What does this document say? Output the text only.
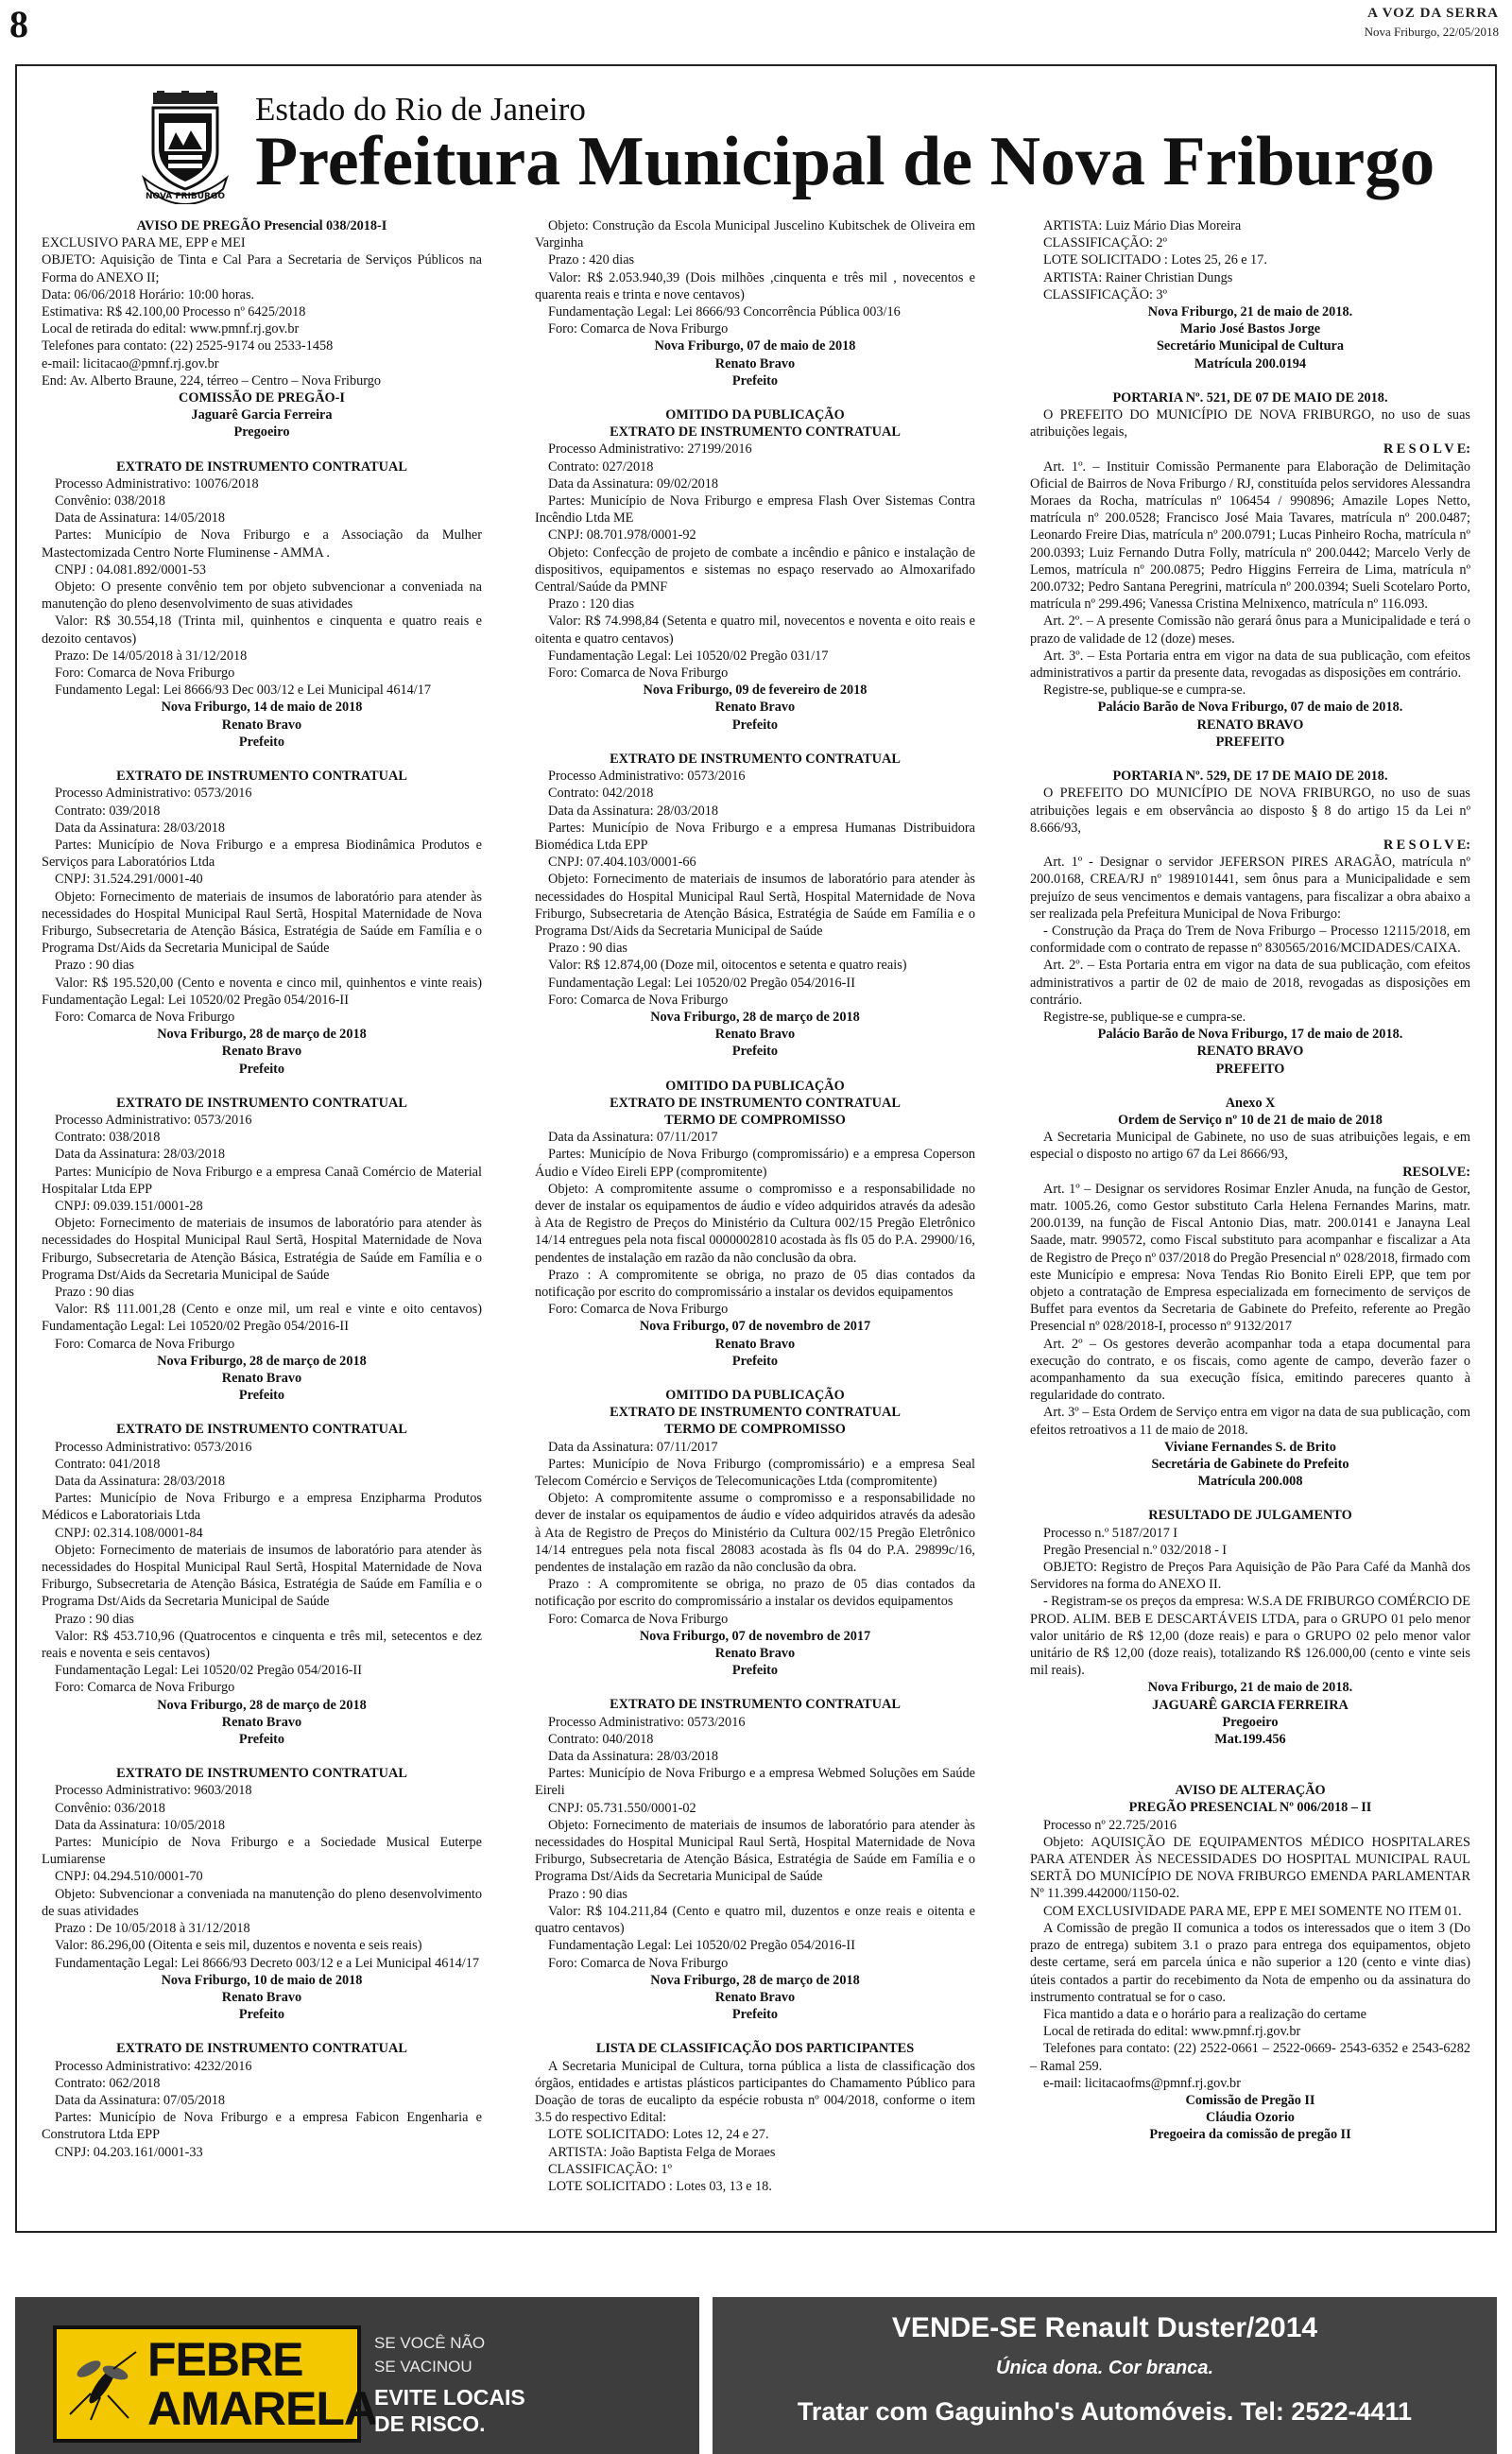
8	A VOZ DA SERRA
Nova Friburgo, 22/05/2018
NOVA FRIBURGO
Estado do Rio de Janeiro
Prefeitura Municipal de Nova Friburgo

AVISO DE PREGÃO Presencial 038/2018-I

EXCLUSIVO PARA ME, EPP e MEI

OBJETO: Aquisição de Tinta e Cal Para a Secretaria de Serviços Públicos na Forma do ANEXO II;

Data: 06/06/2018 Horário: 10:00 horas.

Estimativa: R$ 42.100,00 Processo nº 6425/2018

Local de retirada do edital: www.pmnf.rj.gov.br

Telefones para contato: (22) 2525-9174 ou 2533-1458

e-mail: licitacao@pmnf.rj.gov.br

End: Av. Alberto Braune, 224, térreo – Centro – Nova Friburgo

COMISSÃO DE PREGÃO-I

Jaguarê Garcia Ferreira

Pregoeiro

EXTRATO DE INSTRUMENTO CONTRATUAL

Processo Administrativo: 10076/2018

Convênio: 038/2018

Data de Assinatura: 14/05/2018

Partes: Município de Nova Friburgo e a Associação da Mulher Mastectomizada Centro Norte Fluminense - AMMA .

CNPJ : 04.081.892/0001-53

Objeto: O presente convênio tem por objeto subvencionar a conveniada na manutenção do pleno desenvolvimento de suas atividades

Valor: R$ 30.554,18 (Trinta mil, quinhentos e cinquenta e quatro reais e dezoito centavos)

Prazo: De 14/05/2018 à 31/12/2018

Foro: Comarca de Nova Friburgo

Fundamento Legal: Lei 8666/93 Dec 003/12 e Lei Municipal 4614/17

Nova Friburgo, 14 de maio de 2018

Renato Bravo

Prefeito

EXTRATO DE INSTRUMENTO CONTRATUAL

Processo Administrativo: 0573/2016

Contrato: 039/2018

Data da Assinatura: 28/03/2018

Partes: Município de Nova Friburgo e a empresa Biodinâmica Produtos e Serviços para Laboratórios Ltda

CNPJ: 31.524.291/0001-40

Objeto: Fornecimento de materiais de insumos de laboratório para atender às necessidades do Hospital Municipal Raul Sertã, Hospital Maternidade de Nova Friburgo, Subsecretaria de Atenção Básica, Estratégia de Saúde em Família e o Programa Dst/Aids da Secretaria Municipal de Saúde

Prazo : 90 dias

Valor: R$ 195.520,00 (Cento e noventa e cinco mil, quinhentos e vinte reais) Fundamentação Legal: Lei 10520/02 Pregão 054/2016-II

Foro: Comarca de Nova Friburgo

Nova Friburgo, 28 de março de 2018

Renato Bravo

Prefeito

EXTRATO DE INSTRUMENTO CONTRATUAL

Processo Administrativo: 0573/2016

Contrato: 038/2018

Data da Assinatura: 28/03/2018

Partes: Município de Nova Friburgo e a empresa Canaã Comércio de Material Hospitalar Ltda EPP

CNPJ: 09.039.151/0001-28

Objeto: Fornecimento de materiais de insumos de laboratório para atender às necessidades do Hospital Municipal Raul Sertã, Hospital Maternidade de Nova Friburgo, Subsecretaria de Atenção Básica, Estratégia de Saúde em Família e o Programa Dst/Aids da Secretaria Municipal de Saúde

Prazo : 90 dias

Valor: R$ 111.001,28 (Cento e onze mil, um real e vinte e oito centavos) Fundamentação Legal: Lei 10520/02 Pregão 054/2016-II

Foro: Comarca de Nova Friburgo

Nova Friburgo, 28 de março de 2018

Renato Bravo

Prefeito

EXTRATO DE INSTRUMENTO CONTRATUAL

Processo Administrativo: 0573/2016

Contrato: 041/2018

Data da Assinatura: 28/03/2018

Partes: Município de Nova Friburgo e a empresa Enzipharma Produtos Médicos e Laboratoriais Ltda

CNPJ: 02.314.108/0001-84

Objeto: Fornecimento de materiais de insumos de laboratório para atender às necessidades do Hospital Municipal Raul Sertã, Hospital Maternidade de Nova Friburgo, Subsecretaria de Atenção Básica, Estratégia de Saúde em Família e o Programa Dst/Aids da Secretaria Municipal de Saúde

Prazo : 90 dias

Valor: R$ 453.710,96 (Quatrocentos e cinquenta e três mil, setecentos e dez reais e noventa e seis centavos)

Fundamentação Legal: Lei 10520/02 Pregão 054/2016-II

Foro: Comarca de Nova Friburgo

Nova Friburgo, 28 de março de 2018

Renato Bravo

Prefeito

EXTRATO DE INSTRUMENTO CONTRATUAL

Processo Administrativo: 9603/2018

Convênio: 036/2018

Data da Assinatura: 10/05/2018

Partes: Município de Nova Friburgo e a Sociedade Musical Euterpe Lumiarense

CNPJ: 04.294.510/0001-70

Objeto: Subvencionar a conveniada na manutenção do pleno desenvolvimento de suas atividades

Prazo : De 10/05/2018 à 31/12/2018

Valor: 86.296,00 (Oitenta e seis mil, duzentos e noventa e seis reais)

Fundamentação Legal: Lei 8666/93 Decreto 003/12 e a Lei Municipal 4614/17

Nova Friburgo, 10 de maio de 2018

Renato Bravo

Prefeito

EXTRATO DE INSTRUMENTO CONTRATUAL

Processo Administrativo: 4232/2016

Contrato: 062/2018

Data da Assinatura: 07/05/2018

Partes: Município de Nova Friburgo e a empresa Fabicon Engenharia e Construtora Ltda EPP

CNPJ: 04.203.161/0001-33

Objeto: Construção da Escola Municipal Juscelino Kubitschek de Oliveira em Varginha

Prazo : 420 dias

Valor: R$ 2.053.940,39 (Dois milhões ,cinquenta e três mil , novecentos e quarenta reais e trinta e nove centavos)

Fundamentação Legal: Lei 8666/93 Concorrência Pública 003/16

Foro: Comarca de Nova Friburgo

Nova Friburgo, 07 de maio de 2018

Renato Bravo

Prefeito

OMITIDO DA PUBLICAÇÃO

EXTRATO DE INSTRUMENTO CONTRATUAL

Processo Administrativo: 27199/2016

Contrato: 027/2018

Data da Assinatura: 09/02/2018

Partes: Município de Nova Friburgo e empresa Flash Over Sistemas Contra Incêndio Ltda ME

CNPJ: 08.701.978/0001-92

Objeto: Confecção de projeto de combate a incêndio e pânico e instalação de dispositivos, equipamentos e sistemas no espaço reservado ao Almoxarifado Central/Saúde da PMNF

Prazo : 120 dias

Valor: R$ 74.998,84 (Setenta e quatro mil, novecentos e noventa e oito reais e oitenta e quatro centavos)

Fundamentação Legal: Lei 10520/02 Pregão 031/17

Foro: Comarca de Nova Friburgo

Nova Friburgo, 09 de fevereiro de 2018

Renato Bravo

Prefeito

EXTRATO DE INSTRUMENTO CONTRATUAL

Processo Administrativo: 0573/2016

Contrato: 042/2018

Data da Assinatura: 28/03/2018

Partes: Município de Nova Friburgo e a empresa Humanas Distribuidora Biomédica Ltda EPP

CNPJ: 07.404.103/0001-66

Objeto: Fornecimento de materiais de insumos de laboratório para atender às necessidades do Hospital Municipal Raul Sertã, Hospital Maternidade de Nova Friburgo, Subsecretaria de Atenção Básica, Estratégia de Saúde em Família e o Programa Dst/Aids da Secretaria Municipal de Saúde

Prazo : 90 dias

Valor: R$ 12.874,00 (Doze mil, oitocentos e setenta e quatro reais)

Fundamentação Legal: Lei 10520/02 Pregão 054/2016-II

Foro: Comarca de Nova Friburgo

Nova Friburgo, 28 de março de 2018

Renato Bravo

Prefeito

OMITIDO DA PUBLICAÇÃO

EXTRATO DE INSTRUMENTO CONTRATUAL

TERMO DE COMPROMISSO

Data da Assinatura: 07/11/2017

Partes: Município de Nova Friburgo (compromissário) e a empresa Coperson Áudio e Vídeo Eireli EPP (compromitente)

Objeto: A compromitente assume o compromisso e a responsabilidade no dever de instalar os equipamentos de áudio e vídeo adquiridos através da adesão à Ata de Registro de Preços do Ministério da Cultura 002/15 Pregão Eletrônico 14/14 entregues pela nota fiscal 0000002810 acostada às fls 05 do P.A. 29900/16, pendentes de instalação em razão da não conclusão da obra.

Prazo : A compromitente se obriga, no prazo de 05 dias contados da notificação por escrito do compromissário a instalar os devidos equipamentos

Foro: Comarca de Nova Friburgo

Nova Friburgo, 07 de novembro de 2017

Renato Bravo

Prefeito

OMITIDO DA PUBLICAÇÃO

EXTRATO DE INSTRUMENTO CONTRATUAL

TERMO DE COMPROMISSO

Data da Assinatura: 07/11/2017

Partes: Município de Nova Friburgo (compromissário) e a empresa Seal Telecom Comércio e Serviços de Telecomunicações Ltda (compromitente)

Objeto: A compromitente assume o compromisso e a responsabilidade no dever de instalar os equipamentos de áudio e vídeo adquiridos através da adesão à Ata de Registro de Preços do Ministério da Cultura 002/15 Pregão Eletrônico 14/14 entregues pela nota fiscal 28083 acostada às fls 04 do P.A. 29899c/16, pendentes de instalação em razão da não conclusão da obra.

Prazo : A compromitente se obriga, no prazo de 05 dias contados da notificação por escrito do compromissário a instalar os devidos equipamentos

Foro: Comarca de Nova Friburgo

Nova Friburgo, 07 de novembro de 2017

Renato Bravo

Prefeito

EXTRATO DE INSTRUMENTO CONTRATUAL

Processo Administrativo: 0573/2016

Contrato: 040/2018

Data da Assinatura: 28/03/2018

Partes: Município de Nova Friburgo e a empresa Webmed Soluções em Saúde Eireli

CNPJ: 05.731.550/0001-02

Objeto: Fornecimento de materiais de insumos de laboratório para atender às necessidades do Hospital Municipal Raul Sertã, Hospital Maternidade de Nova Friburgo, Subsecretaria de Atenção Básica, Estratégia de Saúde em Família e o Programa Dst/Aids da Secretaria Municipal de Saúde

Prazo : 90 dias

Valor: R$ 104.211,84 (Cento e quatro mil, duzentos e onze reais e oitenta e quatro centavos)

Fundamentação Legal: Lei 10520/02 Pregão 054/2016-II

Foro: Comarca de Nova Friburgo

Nova Friburgo, 28 de março de 2018

Renato Bravo

Prefeito

LISTA DE CLASSIFICAÇÃO DOS PARTICIPANTES

A Secretaria Municipal de Cultura, torna pública a lista de classificação dos órgãos, entidades e artistas plásticos participantes do Chamamento Público para Doação de toras de eucalipto da espécie robusta nº 004/2018, conforme o item 3.5 do respectivo Edital:

LOTE SOLICITADO: Lotes 12, 24 e 27.

ARTISTA: João Baptista Felga de Moraes

CLASSIFICAÇÃO: 1º

LOTE SOLICITADO : Lotes 03, 13 e 18.

ARTISTA: Luiz Mário Dias Moreira

CLASSIFICAÇÃO: 2º

LOTE SOLICITADO : Lotes 25, 26 e 17.

ARTISTA: Rainer Christian Dungs

CLASSIFICAÇÃO: 3º

Nova Friburgo, 21 de maio de 2018.

Mario José Bastos Jorge

Secretário Municipal de Cultura

Matrícula 200.0194

PORTARIA Nº. 521, DE 07 DE MAIO DE 2018.

O PREFEITO DO MUNICÍPIO DE NOVA FRIBURGO, no uso de suas atribuições legais,

R E S O L V E:

Art. 1º. – Instituir Comissão Permanente para Elaboração de Delimitação Oficial de Bairros de Nova Friburgo / RJ, constituída pelos servidores Alessandra Moraes da Rocha, matrículas nº 106454 / 990896; Amazile Lopes Netto, matrícula nº 200.0528; Francisco José Maia Tavares, matrícula nº 200.0487; Leonardo Freire Dias, matrícula nº 200.0791; Lucas Pinheiro Rocha, matrícula nº 200.0393; Luiz Fernando Dutra Folly, matrícula nº 200.0442; Marcelo Verly de Lemos, matrícula nº 200.0875; Pedro Higgins Ferreira de Lima, matrícula nº 200.0732; Pedro Santana Peregrini, matrícula nº 200.0394; Sueli Scotelaro Porto, matrícula nº 299.496; Vanessa Cristina Melnixenco, matrícula nº 116.093.

Art. 2º. – A presente Comissão não gerará ônus para a Municipalidade e terá o prazo de validade de 12 (doze) meses.

Art. 3º. – Esta Portaria entra em vigor na data de sua publicação, com efeitos administrativos a partir da presente data, revogadas as disposições em contrário.

Registre-se, publique-se e cumpra-se.

Palácio Barão de Nova Friburgo, 07 de maio de 2018.

RENATO BRAVO

PREFEITO

PORTARIA Nº. 529, DE 17 DE MAIO DE 2018.

O PREFEITO DO MUNICÍPIO DE NOVA FRIBURGO, no uso de suas atribuições legais e em observância ao disposto § 8 do artigo 15 da Lei nº 8.666/93,

R E S O L V E:

Art. 1º - Designar o servidor JEFERSON PIRES ARAGÃO, matrícula nº 200.0168, CREA/RJ nº 1989101441, sem ônus para a Municipalidade e sem prejuízo de seus vencimentos e demais vantagens, para fiscalizar a obra abaixo a ser realizada pela Prefeitura Municipal de Nova Friburgo:

- Construção da Praça do Trem de Nova Friburgo – Processo 12115/2018, em conformidade com o contrato de repasse nº 830565/2016/MCIDADES/CAIXA.

Art. 2º. – Esta Portaria entra em vigor na data de sua publicação, com efeitos administrativos a partir de 02 de maio de 2018, revogadas as disposições em contrário.

Registre-se, publique-se e cumpra-se.

Palácio Barão de Nova Friburgo, 17 de maio de 2018.

RENATO BRAVO

PREFEITO

Anexo X

Ordem de Serviço nº 10 de 21 de maio de 2018

A Secretaria Municipal de Gabinete, no uso de suas atribuições legais, e em especial o disposto no artigo 67 da Lei 8666/93,

RESOLVE:

Art. 1º – Designar os servidores Rosimar Enzler Anuda, na função de Gestor, matr. 1005.26, como Gestor substituto Carla Helena Fernandes Marins, matr. 200.0139, na função de Fiscal Antonio Dias, matr. 200.0141 e Janayna Leal Saade, matr. 990572, como Fiscal substituto para acompanhar e fiscalizar a Ata de Registro de Preço nº 037/2018 do Pregão Presencial nº 028/2018, firmado com este Município e empresa: Nova Tendas Rio Bonito Eireli EPP, que tem por objeto a contratação de Empresa especializada em fornecimento de serviços de Buffet para eventos da Secretaria de Gabinete do Prefeito, referente ao Pregão Presencial nº 028/2018-I, processo nº 9132/2017

Art. 2º – Os gestores deverão acompanhar toda a etapa documental para execução do contrato, e os fiscais, como agente de campo, deverão fazer o acompanhamento da sua execução física, emitindo pareceres quanto à regularidade do contrato.

Art. 3º – Esta Ordem de Serviço entra em vigor na data de sua publicação, com efeitos retroativos a 11 de maio de 2018.

Viviane Fernandes S. de Brito

Secretária de Gabinete do Prefeito

Matrícula 200.008

RESULTADO DE JULGAMENTO

Processo n.º 5187/2017 I

Pregão Presencial n.º 032/2018 - I

OBJETO: Registro de Preços Para Aquisição de Pão Para Café da Manhã dos Servidores na forma do ANEXO II.

- Registram-se os preços da empresa: W.S.A DE FRIBURGO COMÉRCIO DE PROD. ALIM. BEB E DESCARTÁVEIS LTDA, para o GRUPO 01 pelo menor valor unitário de R$ 12,00 (doze reais) e para o GRUPO 02 pelo menor valor unitário de R$ 12,00 (doze reais), totalizando R$ 126.000,00 (cento e vinte seis mil reais).

Nova Friburgo, 21 de maio de 2018.

JAGUARÊ GARCIA FERREIRA

Pregoeiro

Mat.199.456

AVISO DE ALTERAÇÃO

PREGÃO PRESENCIAL Nº 006/2018 – II

Processo nº 22.725/2016

Objeto: AQUISIÇÃO DE EQUIPAMENTOS MÉDICO HOSPITALARES PARA ATENDER ÀS NECESSIDADES DO HOSPITAL MUNICIPAL RAUL SERTÃ DO MUNICÍPIO DE NOVA FRIBURGO EMENDA PARLAMENTAR Nº 11.399.442000/1150-02.

COM EXCLUSIVIDADE PARA ME, EPP E MEI SOMENTE NO ITEM 01.

A Comissão de pregão II comunica a todos os interessados que o item 3 (Do prazo de entrega) subitem 3.1 o prazo para entrega dos equipamentos, objeto deste certame, será em parcela única e não superior a 120 (cento e vinte dias) úteis contados a partir do recebimento da Nota de empenho ou da assinatura do instrumento contratual se for o caso.

Fica mantido a data e o horário para a realização do certame

Local de retirada do edital: www.pmnf.rj.gov.br

Telefones para contato: (22) 2522-0661 – 2522-0669- 2543-6352 e 2543-6282 – Ramal 259.

e-mail: licitacaofms@pmnf.rj.gov.br

Comissão de Pregão II

Cláudia Ozorio

Pregoeira da comissão de pregão II

FEBRE
AMARELA
SE VOCÊ NÃO
SE VACINOU
EVITE LOCAIS
DE RISCO.
VENDE-SE Renault Duster/2014
Única dona. Cor branca.
Tratar com Gaguinho's Automóveis. Tel: 2522-4411
